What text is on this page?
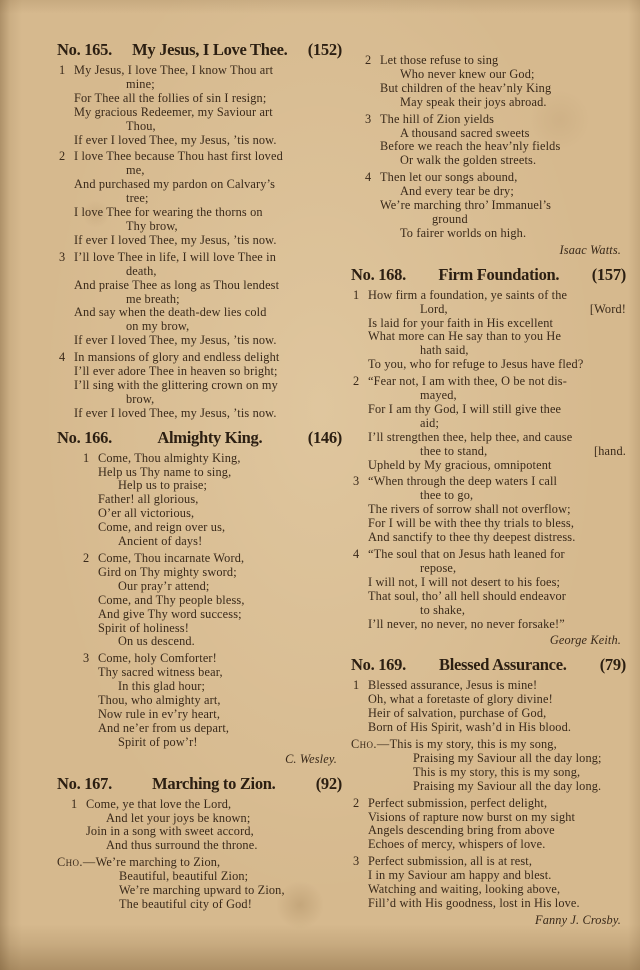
No. 165. My Jesus, I Love Thee. (152)
1 My Jesus, I love Thee, I know Thou art
mine;
For Thee all the follies of sin I resign;
My gracious Redeemer, my Saviour art
Thou,
If ever I loved Thee, my Jesus, ’tis now.
2 I love Thee because Thou hast first loved
me,
And purchased my pardon on Calvary’s
tree;
I love Thee for wearing the thorns on
Thy brow,
If ever I loved Thee, my Jesus, ’tis now.
3 I’ll love Thee in life, I will love Thee in
death,
And praise Thee as long as Thou lendest
me breath;
And say when the death-dew lies cold
on my brow,
If ever I loved Thee, my Jesus, ’tis now.
4 In mansions of glory and endless delight
I’ll ever adore Thee in heaven so bright;
I’ll sing with the glittering crown on my
brow,
If ever I loved Thee, my Jesus, ’tis now.
No. 166.	Almighty King.	(146)
1 Come, Thou almighty King,
Help us Thy name to sing,
Help us to praise;
Father! all glorious,
O’er all victorious,
Come, and reign over us,
Ancient of days!
2 Come, Thou incarnate Word,
Gird on Thy mighty sword;
Our pray’r attend;
Come, and Thy people bless,
And give Thy word success;
Spirit of holiness!
On us descend.
3 Come, holy Comforter!
Thy sacred witness bear,
In this glad hour;
Thou, who almighty art,
Now rule in ev’ry heart,
And ne’er from us depart,
Spirit of pow’r!
C. Wesley.
No. 167. Marching to Zion. (92)
1 Come, ye that love the Lord,
And let your joys be known;
Join in a song with sweet accord,
And thus surround the throne.
Cho.—We’re marching to Zion,
Beautiful, beautiful Zion;
We’re marching upward to Zion,
The beautiful city of God!
2 Let those refuse to sing
Who never knew our God;
But children of the heav’nly King
May speak their joys abroad.
3 The hill of Zion yields
A thousand sacred sweets
Before we reach the heav’nly fields
Or walk the golden streets.
4 Then let our songs abound,
And every tear be dry;
We’re marching thro’ Immanuel’s
ground
To fairer worlds on high.
Isaac Watts.
No. 168. Firm Foundation. (157)
1 How firm a foundation, ye saints of the
[Word!
Lord,
Is laid for your faith in His excellent
What more can He say than to you He
hath said,
To you, who for refuge to Jesus have fled?
2 “Fear not, I am with thee, O be not dis-
mayed,
For I am thy God, I will still give thee
aid;
I’ll strengthen thee, help thee, and cause
[hand.
thee to stand,
Upheld by My gracious, omnipotent
3 “When through the deep waters I call
thee to go,
The rivers of sorrow shall not overflow;
For I will be with thee thy trials to bless,
And sanctify to thee thy deepest distress.
4 “The soul that on Jesus hath leaned for
repose,
I will not, I will not desert to his foes;
That soul, tho’ all hell should endeavor
to shake,
I’ll never, no never, no never forsake!”
George Keith.
No. 169. Blessed Assurance. (79)
1 Blessed assurance, Jesus is mine!
Oh, what a foretaste of glory divine!
Heir of salvation, purchase of God,
Born of His Spirit, wash’d in His blood.
Cho.—This is my story, this is my song,
Praising my Saviour all the day long;
This is my story, this is my song,
Praising my Saviour all the day long.
2 Perfect submission, perfect delight,
Visions of rapture now burst on my sight
Angels descending bring from above
Echoes of mercy, whispers of love.
3 Perfect submission, all is at rest,
I in my Saviour am happy and blest.
Watching and waiting, looking above,
Fill’d with His goodness, lost in His love.
Fanny J. Crosby.
